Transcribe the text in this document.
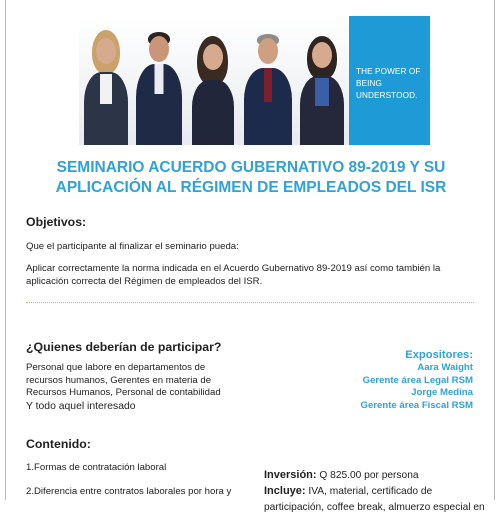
THE POWER OF
BEING UNDERSTOOD.
SEMINARIO ACUERDO GUBERNATIVO 89-2019 Y SU
APLICACIÓN AL RÉGIMEN DE EMPLEADOS DEL ISR
Objetivos:
Que el participante al finalizar el seminario pueda:
Aplicar correctamente la norma indicada en el Acuerdo Gubernativo 89-2019 así como también la
aplicación correcta del Régimen de empleados del ISR.
¿Quienes deberían de participar?
Personal que labore en departamentos de
recursos humanos, Gerentes en materia de
Recursos Humanos, Personal de contabilidad
Y todo aquel interesado
Expositores:
Aara Waight
Gerente área Legal RSM
Jorge Medina
Gerente área Fiscal RSM
Contenido:
1.Formas de contratación laboral
2.Diferencia entre contratos laborales por hora y
Inversión: Q 825.00 por persona
Incluye: IVA, material, certificado de
participación, coffee break, almuerzo especial en
